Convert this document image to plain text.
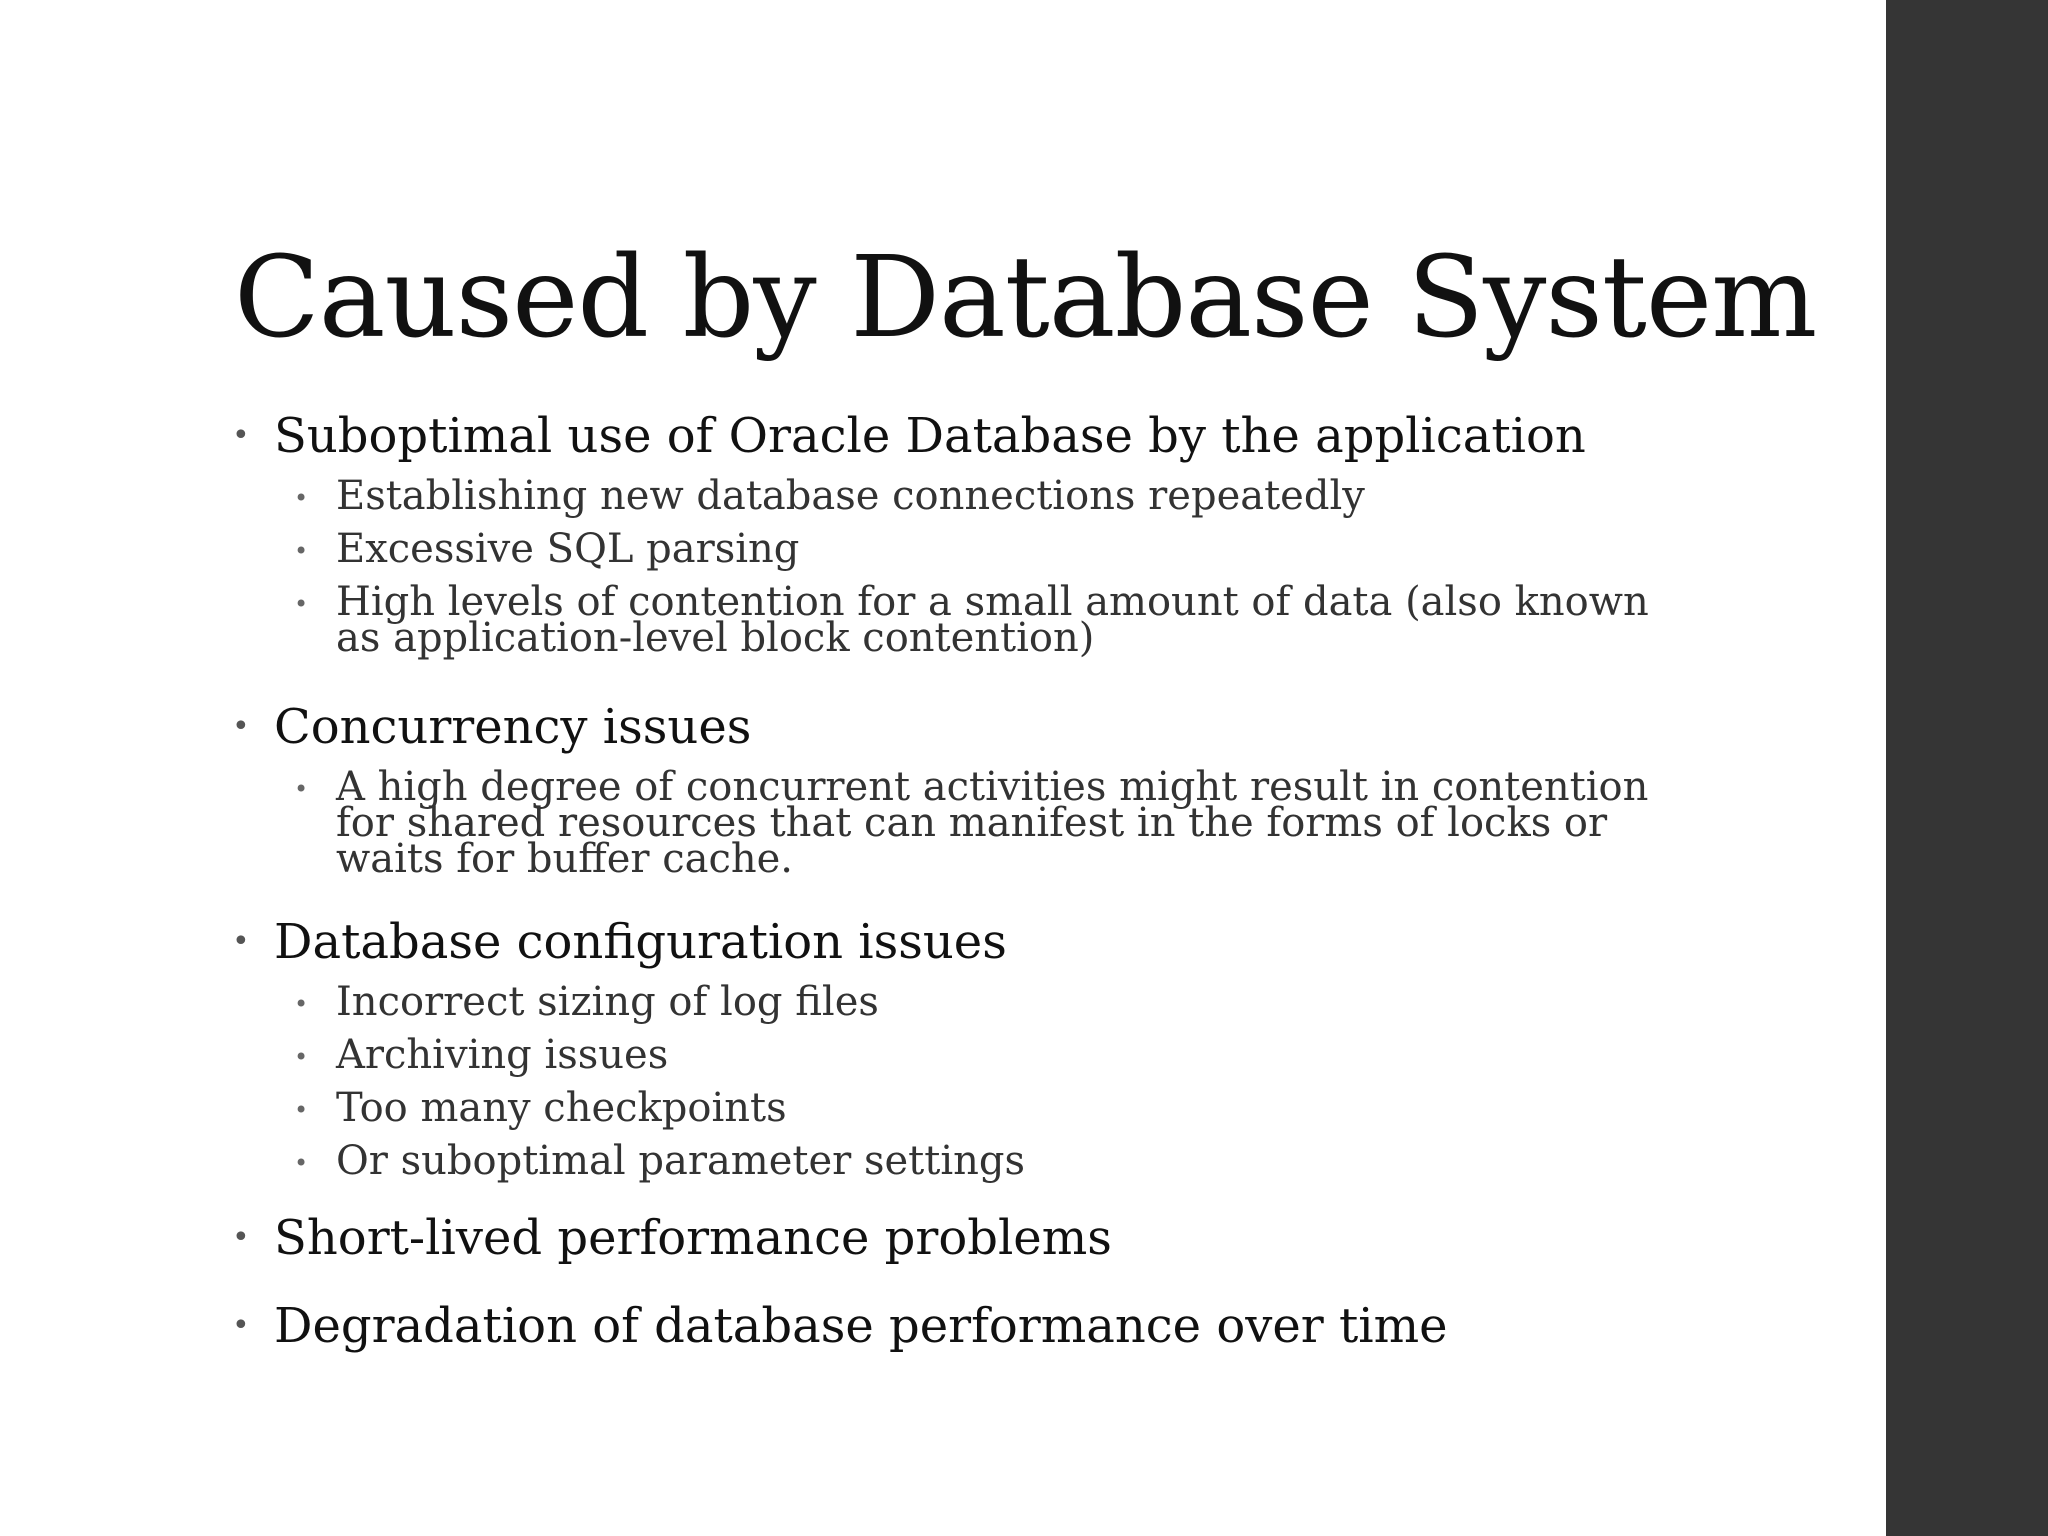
Caused by Database System
• Suboptimal use of Oracle Database by the application
• Establishing new database connections repeatedly
• Excessive SQL parsing
• High levels of contention for a small amount of data (also known as application-level block contention)
• Concurrency issues
• A high degree of concurrent activities might result in contention for shared resources that can manifest in the forms of locks or waits for buffer cache.
• Database configuration issues
• Incorrect sizing of log files
• Archiving issues
• Too many checkpoints
• Or suboptimal parameter settings
• Short-lived performance problems
• Degradation of database performance over time
